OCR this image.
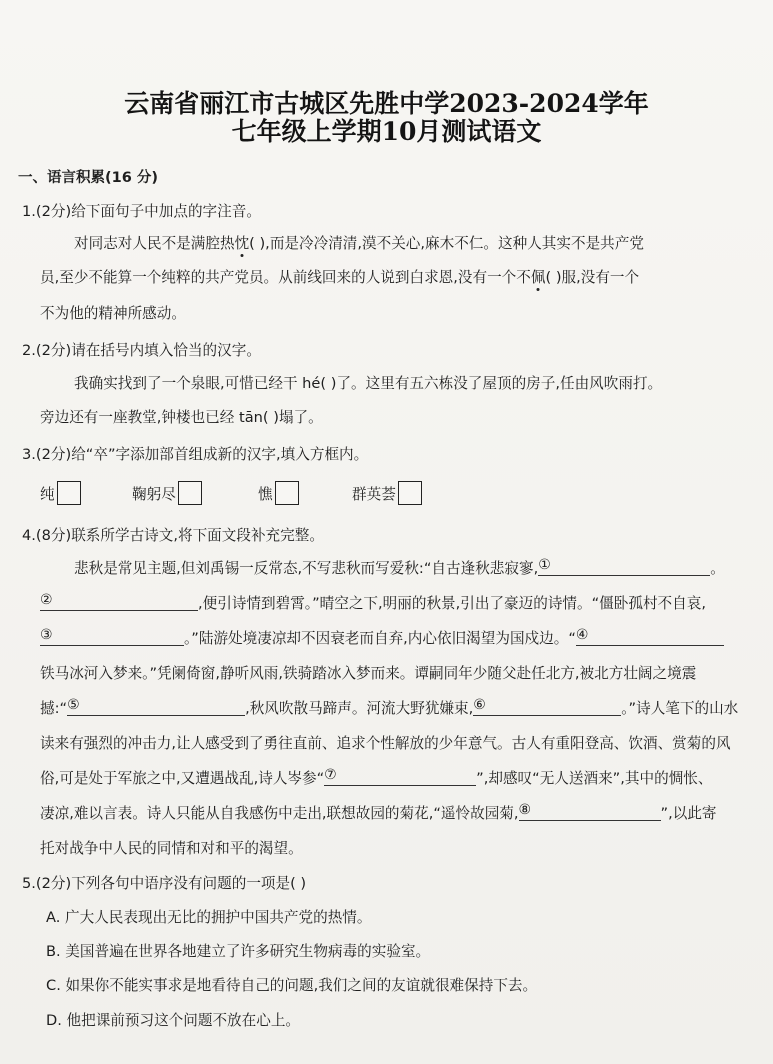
云南省丽江市古城区先胜中学2023-2024学年
七年级上学期10月测试语文
一、语言积累(16 分)
1.(2分)给下面句子中加点的字注音。
对同志对人民不是满腔热忱( ),而是冷冷清清,漠不关心,麻木不仁。这种人其实不是共产党
员,至少不能算一个纯粹的共产党员。从前线回来的人说到白求恩,没有一个不佩( )服,没有一个
不为他的精神所感动。
2.(2分)请在括号内填入恰当的汉字。
我确实找到了一个泉眼,可惜已经干 hé( )了。这里有五六栋没了屋顶的房子,任由风吹雨打。
旁边还有一座教堂,钟楼也已经 tān( )塌了。
3.(2分)给“卒”字添加部首组成新的汉字,填入方框内。
纯	鞠躬尽	憔	群英荟
4.(8分)联系所学古诗文,将下面文段补充完整。
悲秋是常见主题,但刘禹锡一反常态,不写悲秋而写爱秋:“自古逢秋悲寂寥, ①	。
②	,便引诗情到碧霄。”晴空之下,明丽的秋景,引出了豪迈的诗情。“僵卧孤村不自哀,
③	。”陆游处境凄凉却不因衰老而自弃,内心依旧渴望为国戍边。“ ④
铁马冰河入梦来。”凭阑倚窗,静听风雨,铁骑踏冰入梦而来。谭嗣同年少随父赴任北方,被北方壮阔之境震
撼:“ ⑤	,秋风吹散马蹄声。河流大野犹嫌束, ⑥	。”诗人笔下的山水
读来有强烈的冲击力,让人感受到了勇往直前、追求个性解放的少年意气。古人有重阳登高、饮酒、赏菊的风
俗,可是处于军旅之中,又遭遇战乱,诗人岑参“ ⑦	”,却感叹“无人送酒来”,其中的惆怅、
凄凉,难以言表。诗人只能从自我感伤中走出,联想故园的菊花,“遥怜故园菊, ⑧	”,以此寄
托对战争中人民的同情和对和平的渴望。
5.(2分)下列各句中语序没有问题的一项是( )
A. 广大人民表现出无比的拥护中国共产党的热情。
B. 美国普遍在世界各地建立了许多研究生物病毒的实验室。
C. 如果你不能实事求是地看待自己的问题,我们之间的友谊就很难保持下去。
D. 他把课前预习这个问题不放在心上。
